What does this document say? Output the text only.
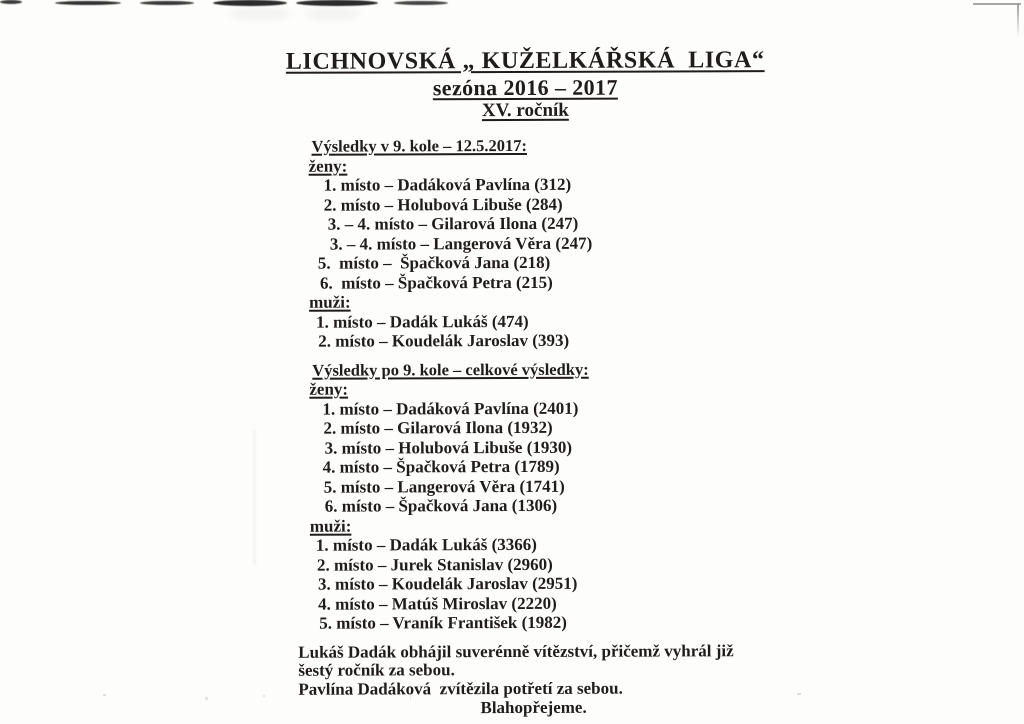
LICHNOVSKÁ „ KUŽELKÁŘSKÁ  LIGA“
sezóna 2016 – 2017
XV. ročník
Výsledky v 9. kole – 12.5.2017:
ženy:
1. místo – Dadáková Pavlína (312)
2. místo – Holubová Libuše (284)
3. – 4. místo – Gilarová Ilona (247)
3. – 4. místo – Langerová Věra (247)
5.  místo –  Špačková Jana (218)
6.  místo – Špačková Petra (215)
muži:
1. místo – Dadák Lukáš (474)
2. místo – Koudelák Jaroslav (393)
Výsledky po 9. kole – celkové výsledky:
ženy:
1. místo – Dadáková Pavlína (2401)
2. místo – Gilarová Ilona (1932)
3. místo – Holubová Libuše (1930)
4. místo – Špačková Petra (1789)
5. místo – Langerová Věra (1741)
6. místo – Špačková Jana (1306)
muži:
1. místo – Dadák Lukáš (3366)
2. místo – Jurek Stanislav (2960)
3. místo – Koudelák Jaroslav (2951)
4. místo – Matúš Miroslav (2220)
5. místo – Vraník František (1982)
Lukáš Dadák obhájil suverénně vítězství, přičemž vyhrál již
šestý ročník za sebou.
Pavlína Dadáková  zvítězila potřetí za sebou.
Blahopřejeme.
